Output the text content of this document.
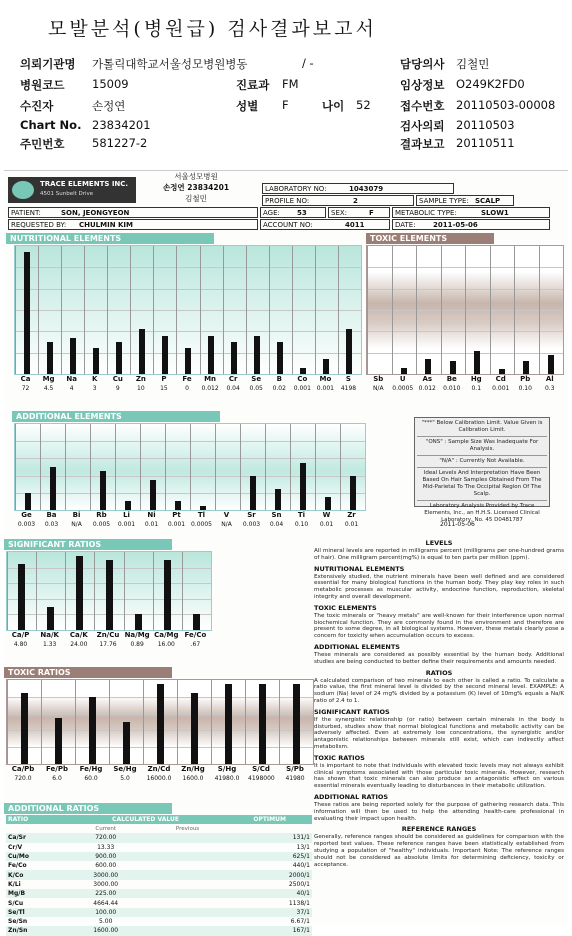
모발분석(병원급) 검사결과보고서
의뢰기관명 가톨릭대학교서울성모병원병동	/ -	담당의사 김철민
병원코드 15009	진료과 FM	임상정보 O249K2FD0
수진자	손정연	성별 F	나이 52	접수번호 20110503-00008
Chart No. 23834201	검사의뢰 20110503
주민번호 581227-2	결과보고 20110511
TRACE ELEMENTS INC.
4501 Sunbelt Drive
서울성모병원
손정연 23834201
김철민
LABORATORY NO:	1043079
PROFILE NO:	2	SAMPLE TYPE: SCALP
PATIENT:	SON, JEONGYEON	AGE: 53	SEX:	F	METABOLIC TYPE:	SLOW1
REQUESTED BY: CHULMIN KIM	ACCOUNT NO:	4011	DATE: 2011-05-06
NUTRITIONAL ELEMENTS
Ca
72
Mg
4.5
Na
4
K
3
Cu
9
Zn
10
P
15
Fe
0
Mn
0.012
Cr
0.04
Se
0.05
B
0.02
Co
0.001
Mo
0.001
S
4198
TOXIC ELEMENTS
Sb
N/A
U
0.0005
As
0.012
Be
0.010
Hg
0.1
Cd
0.001
Pb
0.10
Al
0.3
ADDITIONAL ELEMENTS
Ge
0.003
Ba
0.03
Bi
N/A
Rb
0.005
Li
0.001
Ni
0.01
Pt
0.001
Tl
0.0005
V
N/A
Sr
0.003
Sn
0.04
Ti
0.10
W
0.01
Zr
0.01
"***" Below Calibration Limit. Value Given is Calibration Limit.
"ONS" : Sample Size Was Inadequate For Analysis.
"N/A" : Currently Not Available.
Ideal Levels And Interpretation Have Been Based On Hair Samples Obtained From The Mid-Parietal To The Occipital Region Of The Scalp.
Laboratory Analysis Provided by Trace Elements, Inc., an H.H.S. Licensed Clinical Laboratory, No. 45 D0481787
2011-05-06
SIGNIFICANT RATIOS
Ca/P
4.80
Na/K
1.33
Ca/K
24.00
Zn/Cu
17.76
Na/Mg
0.89
Ca/Mg
16.00
Fe/Co
.67
TOXIC RATIOS
Ca/Pb
720.0
Fe/Pb
6.0
Fe/Hg
60.0
Se/Hg
5.0
Zn/Cd
16000.0
Zn/Hg
1600.0
S/Hg
41980.0
S/Cd
4198000
S/Pb
41980
ADDITIONAL RATIOS
RATIO	CALCULATED VALUE		OPTIMUM
	Current	Previous	
Ca/Sr	720.00		131/1
Cr/V	13.33		13/1
Cu/Mo	900.00		625/1
Fe/Co	600.00		440/1
K/Co	3000.00		2000/1
K/Li	3000.00		2500/1
Mg/B	225.00		40/1
S/Cu	4664.44		1138/1
Se/Tl	100.00		37/1
Se/Sn	5.00		6.67/1
Zn/Sn	1600.00		167/1
LEVELS

All mineral levels are reported in milligrams percent (milligrams per one-hundred grams of hair). One milligram percent(mg%) is equal to ten parts per million (ppm).

NUTRITIONAL ELEMENTS

Extensively studied, the nutrient minerals have been well defined and are considered essential for many biological functions in the human body. They play key roles in such metabolic processes as muscular activity, endocrine function, reproduction, skeletal integrity and overall development.

TOXIC ELEMENTS

The toxic minerals or "heavy metals" are well-known for their interference upon normal biochemical function. They are commonly found in the environment and therefore are present to some degree, in all biological systems. However, these metals clearly pose a concern for toxicity when accumulation occurs to excess.

ADDITIONAL ELEMENTS

These minerals are considered as possibly essential by the human body. Additional studies are being conducted to better define their requirements and amounts needed.

RATIOS

A calculated comparison of two minerals to each other is called a ratio. To calculate a ratio value, the first mineral level is divided by the second mineral level. EXAMPLE: A sodium (Na) level of 24 mg% divided by a potassium (K) level of 10mg% equals a Na/K ratio of 2.4 to 1.

SIGNIFICANT RATIOS

If the synergistic relationship (or ratio) between certain minerals in the body is disturbed, studies show that normal biological functions and metabolic activity can be adversely affected. Even at extremely low concentrations, the synergistic and/or antagonistic relationships between minerals still exist, which can indirectly affect metabolism.

TOXIC RATIOS

It is important to note that individuals with elevated toxic levels may not always exhibit clinical symptoms associated with those particular toxic minerals. However, research has shown that toxic minerals can also produce an antagonistic effect on various essential minerals eventually leading to disturbances in their metabolic utilization.

ADDITIONAL RATIOS

These ratios are being reported solely for the purpose of gathering research data. This information will then be used to help the attending health-care professional in evaluating their impact upon health.

REFERENCE RANGES

Generally, reference ranges should be considered as guidelines for comparison with the reported test values. These reference ranges have been statistically established from studying a population of "healthy" individuals. Important Note: The reference ranges should not be considered as absolute limits for determining deficiency, toxicity or acceptance.
